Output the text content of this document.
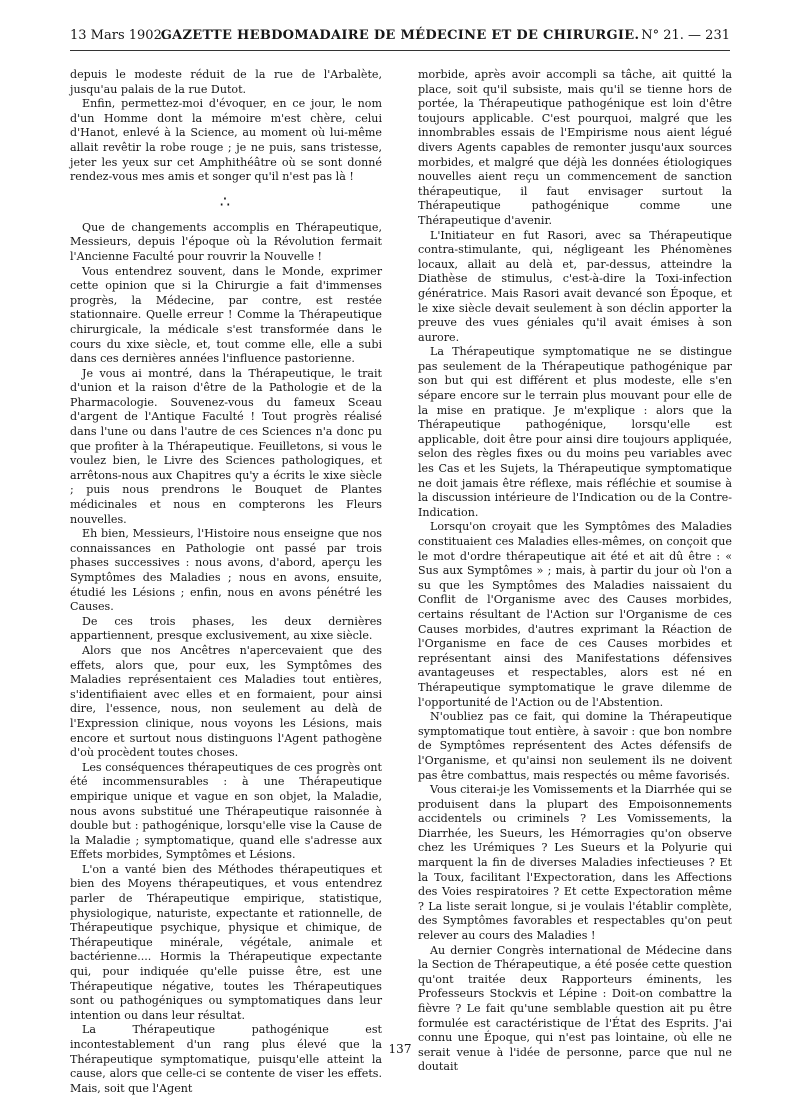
13 Mars 1902.
GAZETTE HEBDOMADAIRE DE MÉDECINE ET DE CHIRURGIE. N° 21. — 231

depuis le modeste réduit de la rue de l'Arbalète, jusqu'au palais de la rue Dutot.

Enfin, permettez-moi d'évoquer, en ce jour, le nom d'un Homme dont la mémoire m'est chère, celui d'Hanot, enlevé à la Science, au moment où lui-même allait revêtir la robe rouge ; je ne puis, sans tristesse, jeter les yeux sur cet Amphithéâtre où se sont donné rendez-vous mes amis et songer qu'il n'est pas là !

∴

Que de changements accomplis en Thérapeutique, Messieurs, depuis l'époque où la Révolution fermait l'Ancienne Faculté pour rouvrir la Nouvelle !

Vous entendrez souvent, dans le Monde, exprimer cette opinion que si la Chirurgie a fait d'immenses progrès, la Médecine, par contre, est restée stationnaire. Quelle erreur ! Comme la Thérapeutique chirurgicale, la médicale s'est transformée dans le cours du xixe siècle, et, tout comme elle, elle a subi dans ces dernières années l'influence pastorienne.

Je vous ai montré, dans la Thérapeutique, le trait d'union et la raison d'être de la Pathologie et de la Pharmacologie. Souvenez-vous du fameux Sceau d'argent de l'Antique Faculté ! Tout progrès réalisé dans l'une ou dans l'autre de ces Sciences n'a donc pu que profiter à la Thérapeutique. Feuilletons, si vous le voulez bien, le Livre des Sciences pathologiques, et arrêtons-nous aux Chapitres qu'y a écrits le xixe siècle ; puis nous prendrons le Bouquet de Plantes médicinales et nous en compterons les Fleurs nouvelles.

Eh bien, Messieurs, l'Histoire nous enseigne que nos connaissances en Pathologie ont passé par trois phases successives : nous avons, d'abord, aperçu les Symptômes des Maladies ; nous en avons, ensuite, étudié les Lésions ; enfin, nous en avons pénétré les Causes.

De ces trois phases, les deux dernières appartiennent, presque exclusivement, au xixe siècle.

Alors que nos Ancêtres n'apercevaient que des effets, alors que, pour eux, les Symptômes des Maladies représentaient ces Maladies tout entières, s'identifiaient avec elles et en formaient, pour ainsi dire, l'essence, nous, non seulement au delà de l'Expression clinique, nous voyons les Lésions, mais encore et surtout nous distinguons l'Agent pathogène d'où procèdent toutes choses.

Les conséquences thérapeutiques de ces progrès ont été incommensurables : à une Thérapeutique empirique unique et vague en son objet, la Maladie, nous avons substitué une Thérapeutique raisonnée à double but : pathogénique, lorsqu'elle vise la Cause de la Maladie ; symptomatique, quand elle s'adresse aux Effets morbides, Symptômes et Lésions.

L'on a vanté bien des Méthodes thérapeutiques et bien des Moyens thérapeutiques, et vous entendrez parler de Thérapeutique empirique, statistique, physiologique, naturiste, expectante et rationnelle, de Thérapeutique psychique, physique et chimique, de Thérapeutique minérale, végétale, animale et bactérienne.... Hormis la Thérapeutique expectante qui, pour indiquée qu'elle puisse être, est une Thérapeutique négative, toutes les Thérapeutiques sont ou pathogéniques ou symptomatiques dans leur intention ou dans leur résultat.

La Thérapeutique pathogénique est incontestablement d'un rang plus élevé que la Thérapeutique symptomatique, puisqu'elle atteint la cause, alors que celle-ci se contente de viser les effets. Mais, soit que l'Agent

morbide, après avoir accompli sa tâche, ait quitté la place, soit qu'il subsiste, mais qu'il se tienne hors de portée, la Thérapeutique pathogénique est loin d'être toujours applicable. C'est pourquoi, malgré que les innombrables essais de l'Empirisme nous aient légué divers Agents capables de remonter jusqu'aux sources morbides, et malgré que déjà les données étiologiques nouvelles aient reçu un commencement de sanction thérapeutique, il faut envisager surtout la Thérapeutique pathogénique comme une Thérapeutique d'avenir.

L'Initiateur en fut Rasori, avec sa Thérapeutique contra-stimulante, qui, négligeant les Phénomènes locaux, allait au delà et, par-dessus, atteindre la Diathèse de stimulus, c'est-à-dire la Toxi-infection génératrice. Mais Rasori avait devancé son Époque, et le xixe siècle devait seulement à son déclin apporter la preuve des vues géniales qu'il avait émises à son aurore.

La Thérapeutique symptomatique ne se distingue pas seulement de la Thérapeutique pathogénique par son but qui est différent et plus modeste, elle s'en sépare encore sur le terrain plus mouvant pour elle de la mise en pratique. Je m'explique : alors que la Thérapeutique pathogénique, lorsqu'elle est applicable, doit être pour ainsi dire toujours appliquée, selon des règles fixes ou du moins peu variables avec les Cas et les Sujets, la Thérapeutique symptomatique ne doit jamais être réflexe, mais réfléchie et soumise à la discussion intérieure de l'Indication ou de la Contre-Indication.

Lorsqu'on croyait que les Symptômes des Maladies constituaient ces Maladies elles-mêmes, on conçoit que le mot d'ordre thérapeutique ait été et ait dû être : « Sus aux Symptômes » ; mais, à partir du jour où l'on a su que les Symptômes des Maladies naissaient du Conflit de l'Organisme avec des Causes morbides, certains résultant de l'Action sur l'Organisme de ces Causes morbides, d'autres exprimant la Réaction de l'Organisme en face de ces Causes morbides et représentant ainsi des Manifestations défensives avantageuses et respectables, alors est né en Thérapeutique symptomatique le grave dilemme de l'opportunité de l'Action ou de l'Abstention.

N'oubliez pas ce fait, qui domine la Thérapeutique symptomatique tout entière, à savoir : que bon nombre de Symptômes représentent des Actes défensifs de l'Organisme, et qu'ainsi non seulement ils ne doivent pas être combattus, mais respectés ou même favorisés.

Vous citerai-je les Vomissements et la Diarrhée qui se produisent dans la plupart des Empoisonnements accidentels ou criminels ? Les Vomissements, la Diarrhée, les Sueurs, les Hémorragies qu'on observe chez les Urémiques ? Les Sueurs et la Polyurie qui marquent la fin de diverses Maladies infectieuses ? Et la Toux, facilitant l'Expectoration, dans les Affections des Voies respiratoires ? Et cette Expectoration même ? La liste serait longue, si je voulais l'établir complète, des Symptômes favorables et respectables qu'on peut relever au cours des Maladies !

Au dernier Congrès international de Médecine dans la Section de Thérapeutique, a été posée cette question qu'ont traitée deux Rapporteurs éminents, les Professeurs Stockvis et Lépine : Doit-on combattre la fièvre ? Le fait qu'une semblable question ait pu être formulée est caractéristique de l'État des Esprits. J'ai connu une Époque, qui n'est pas lointaine, où elle ne serait venue à l'idée de personne, parce que nul ne doutait

137
